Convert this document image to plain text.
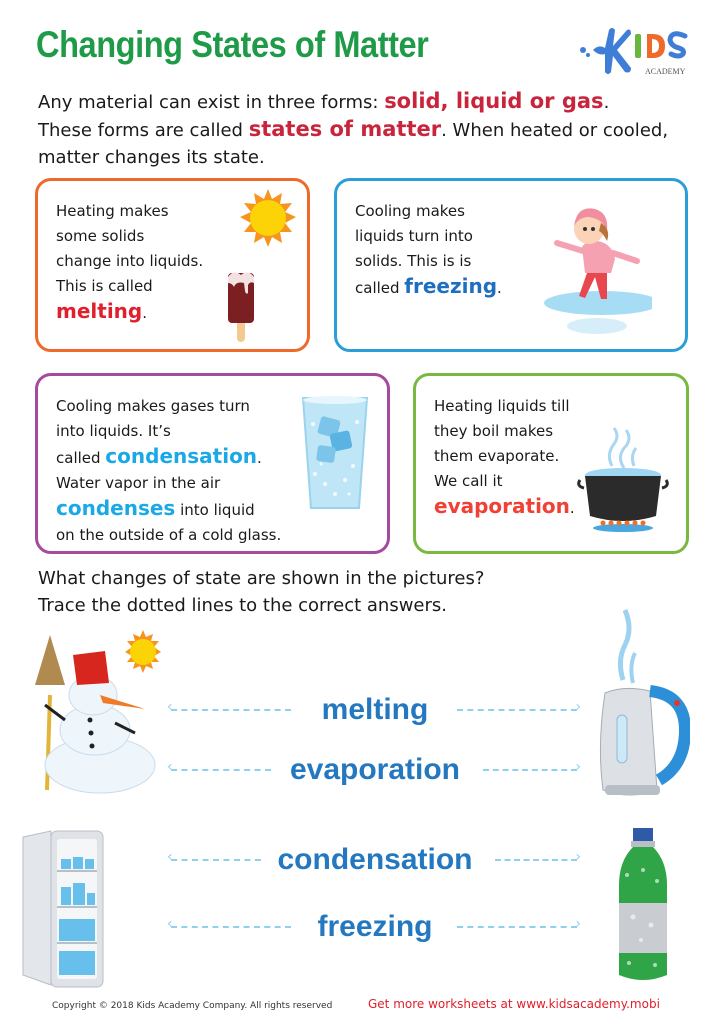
Changing States of Matter
ACADEMY
Any material can exist in three forms: solid, liquid or gas.
These forms are called states of matter. When heated or cooled, matter changes its state.
Heating makes
some solids
change into liquids.
This is called
melting.
Cooling makes
liquids turn into
solids. This is is
called freezing.
Cooling makes gases turn
into liquids. It’s
called condensation.
Water vapor in the air
condenses into liquid
on the outside of a cold glass.
Heating liquids till
they boil makes
them evaporate.
We call it
evaporation.
What changes of state are shown in the pictures?
Trace the dotted lines to the correct answers.
‹
melting
›
‹
evaporation
›
‹
condensation
›
‹
freezing
›
Copyright © 2018 Kids Academy Company. All rights reserved	Get more worksheets at www.kidsacademy.mobi
